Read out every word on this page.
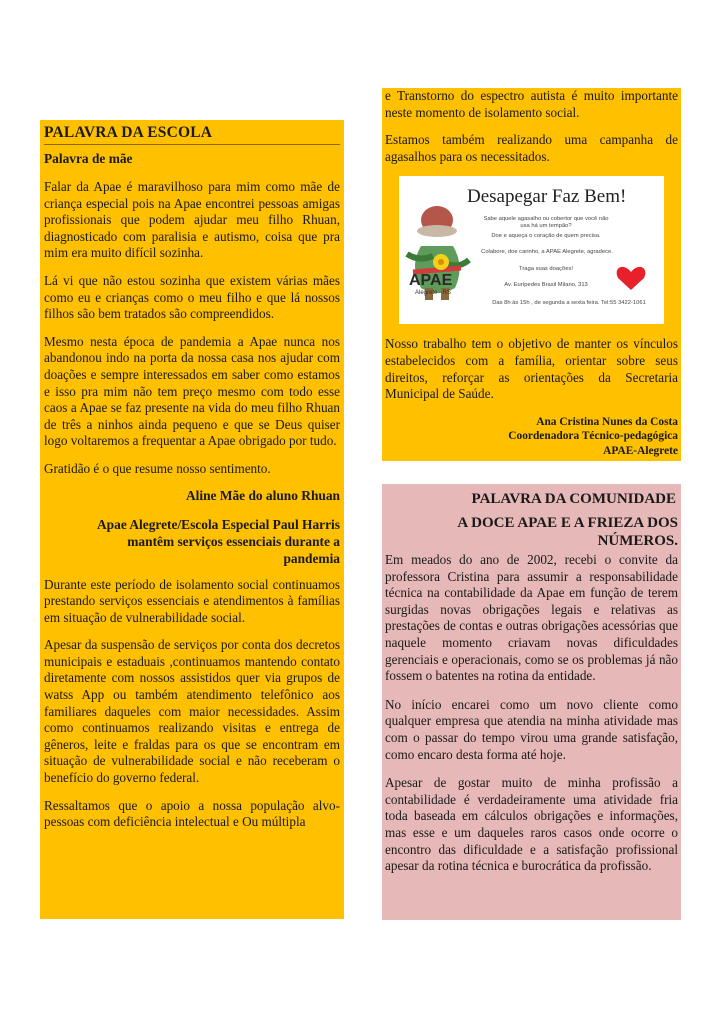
PALAVRA DA ESCOLA
Palavra de mãe

Falar da Apae é maravilhoso para mim como mãe de criança especial pois na Apae encontrei pessoas amigas profissionais que podem ajudar meu filho Rhuan, diagnosticado com paralisia e autismo, coisa que pra mim era muito difícil sozinha.

Lá vi que não estou sozinha que existem várias mães como eu e crianças como o meu filho e que lá nossos filhos são bem tratados são compreendidos.

Mesmo nesta época de pandemia a Apae nunca nos abandonou indo na porta da nossa casa nos ajudar com doações e sempre interessados em saber como estamos e isso pra mim não tem preço mesmo com todo esse caos a Apae se faz presente na vida do meu filho Rhuan de três a ninhos ainda pequeno e que se Deus quiser logo voltaremos a frequentar a Apae obrigado por tudo.

Gratidão é o que resume nosso sentimento.

Aline Mãe do aluno Rhuan
Apae Alegrete/Escola Especial Paul Harris mantêm serviços essenciais durante a pandemia

Durante este período de isolamento social continuamos prestando serviços essenciais e atendimentos à famílias em situação de vulnerabilidade social.

Apesar da suspensão de serviços por conta dos decretos municipais e estaduais ,continuamos mantendo contato diretamente com nossos assistidos quer via grupos de watss App ou também atendimento telefônico aos familiares daqueles com maior necessidades. Assim como continuamos realizando visitas e entrega de gêneros, leite e fraldas para os que se encontram em situação de vulnerabilidade social e não receberam o benefício do governo federal.

Ressaltamos que o apoio a nossa população alvo- pessoas com deficiência intelectual e Ou múltipla

e Transtorno do espectro autista é muito importante neste momento de isolamento social.

Estamos também realizando uma campanha de agasalhos para os necessitados.

Desapegar Faz Bem!
Sabe aquele agasalho ou cobertor que você não usa há um tempão?
Doe e aqueça o coração de quem precisa.
Colabore, doe carinho, a APAE Alegrete, agradece.
Traga suas doações!
Av. Eurípedes Brasil Milano, 313
APAE
Alegrete - RS
Das 8h às 15h , de segunda a sexta feira. Tel:55 3422-1061

Nosso trabalho tem o objetivo de manter os vínculos estabelecidos com a família, orientar sobre seus direitos, reforçar as orientações da Secretaria Municipal de Saúde.

Ana Cristina Nunes da Costa
Coordenadora Técnico-pedagógica
APAE-Alegrete
PALAVRA DA COMUNIDADE
A DOCE APAE E A FRIEZA DOS NÚMEROS.

Em meados do ano de 2002, recebi o convite da professora Cristina para assumir a responsabilidade técnica na contabilidade da Apae em função de terem surgidas novas obrigações legais e relativas as prestações de contas e outras obrigações acessórias que naquele momento criavam novas dificuldades gerenciais e operacionais, como se os problemas já não fossem o batentes na rotina da entidade.

No início encarei como um novo cliente como qualquer empresa que atendia na minha atividade mas com o passar do tempo virou uma grande satisfação, como encaro desta forma até hoje.

Apesar de gostar muito de minha profissão a contabilidade é verdadeiramente uma atividade fria toda baseada em cálculos obrigações e informações, mas esse e um daqueles raros casos onde ocorre o encontro das dificuldade e a satisfação profissional apesar da rotina técnica e burocrática da profissão.
